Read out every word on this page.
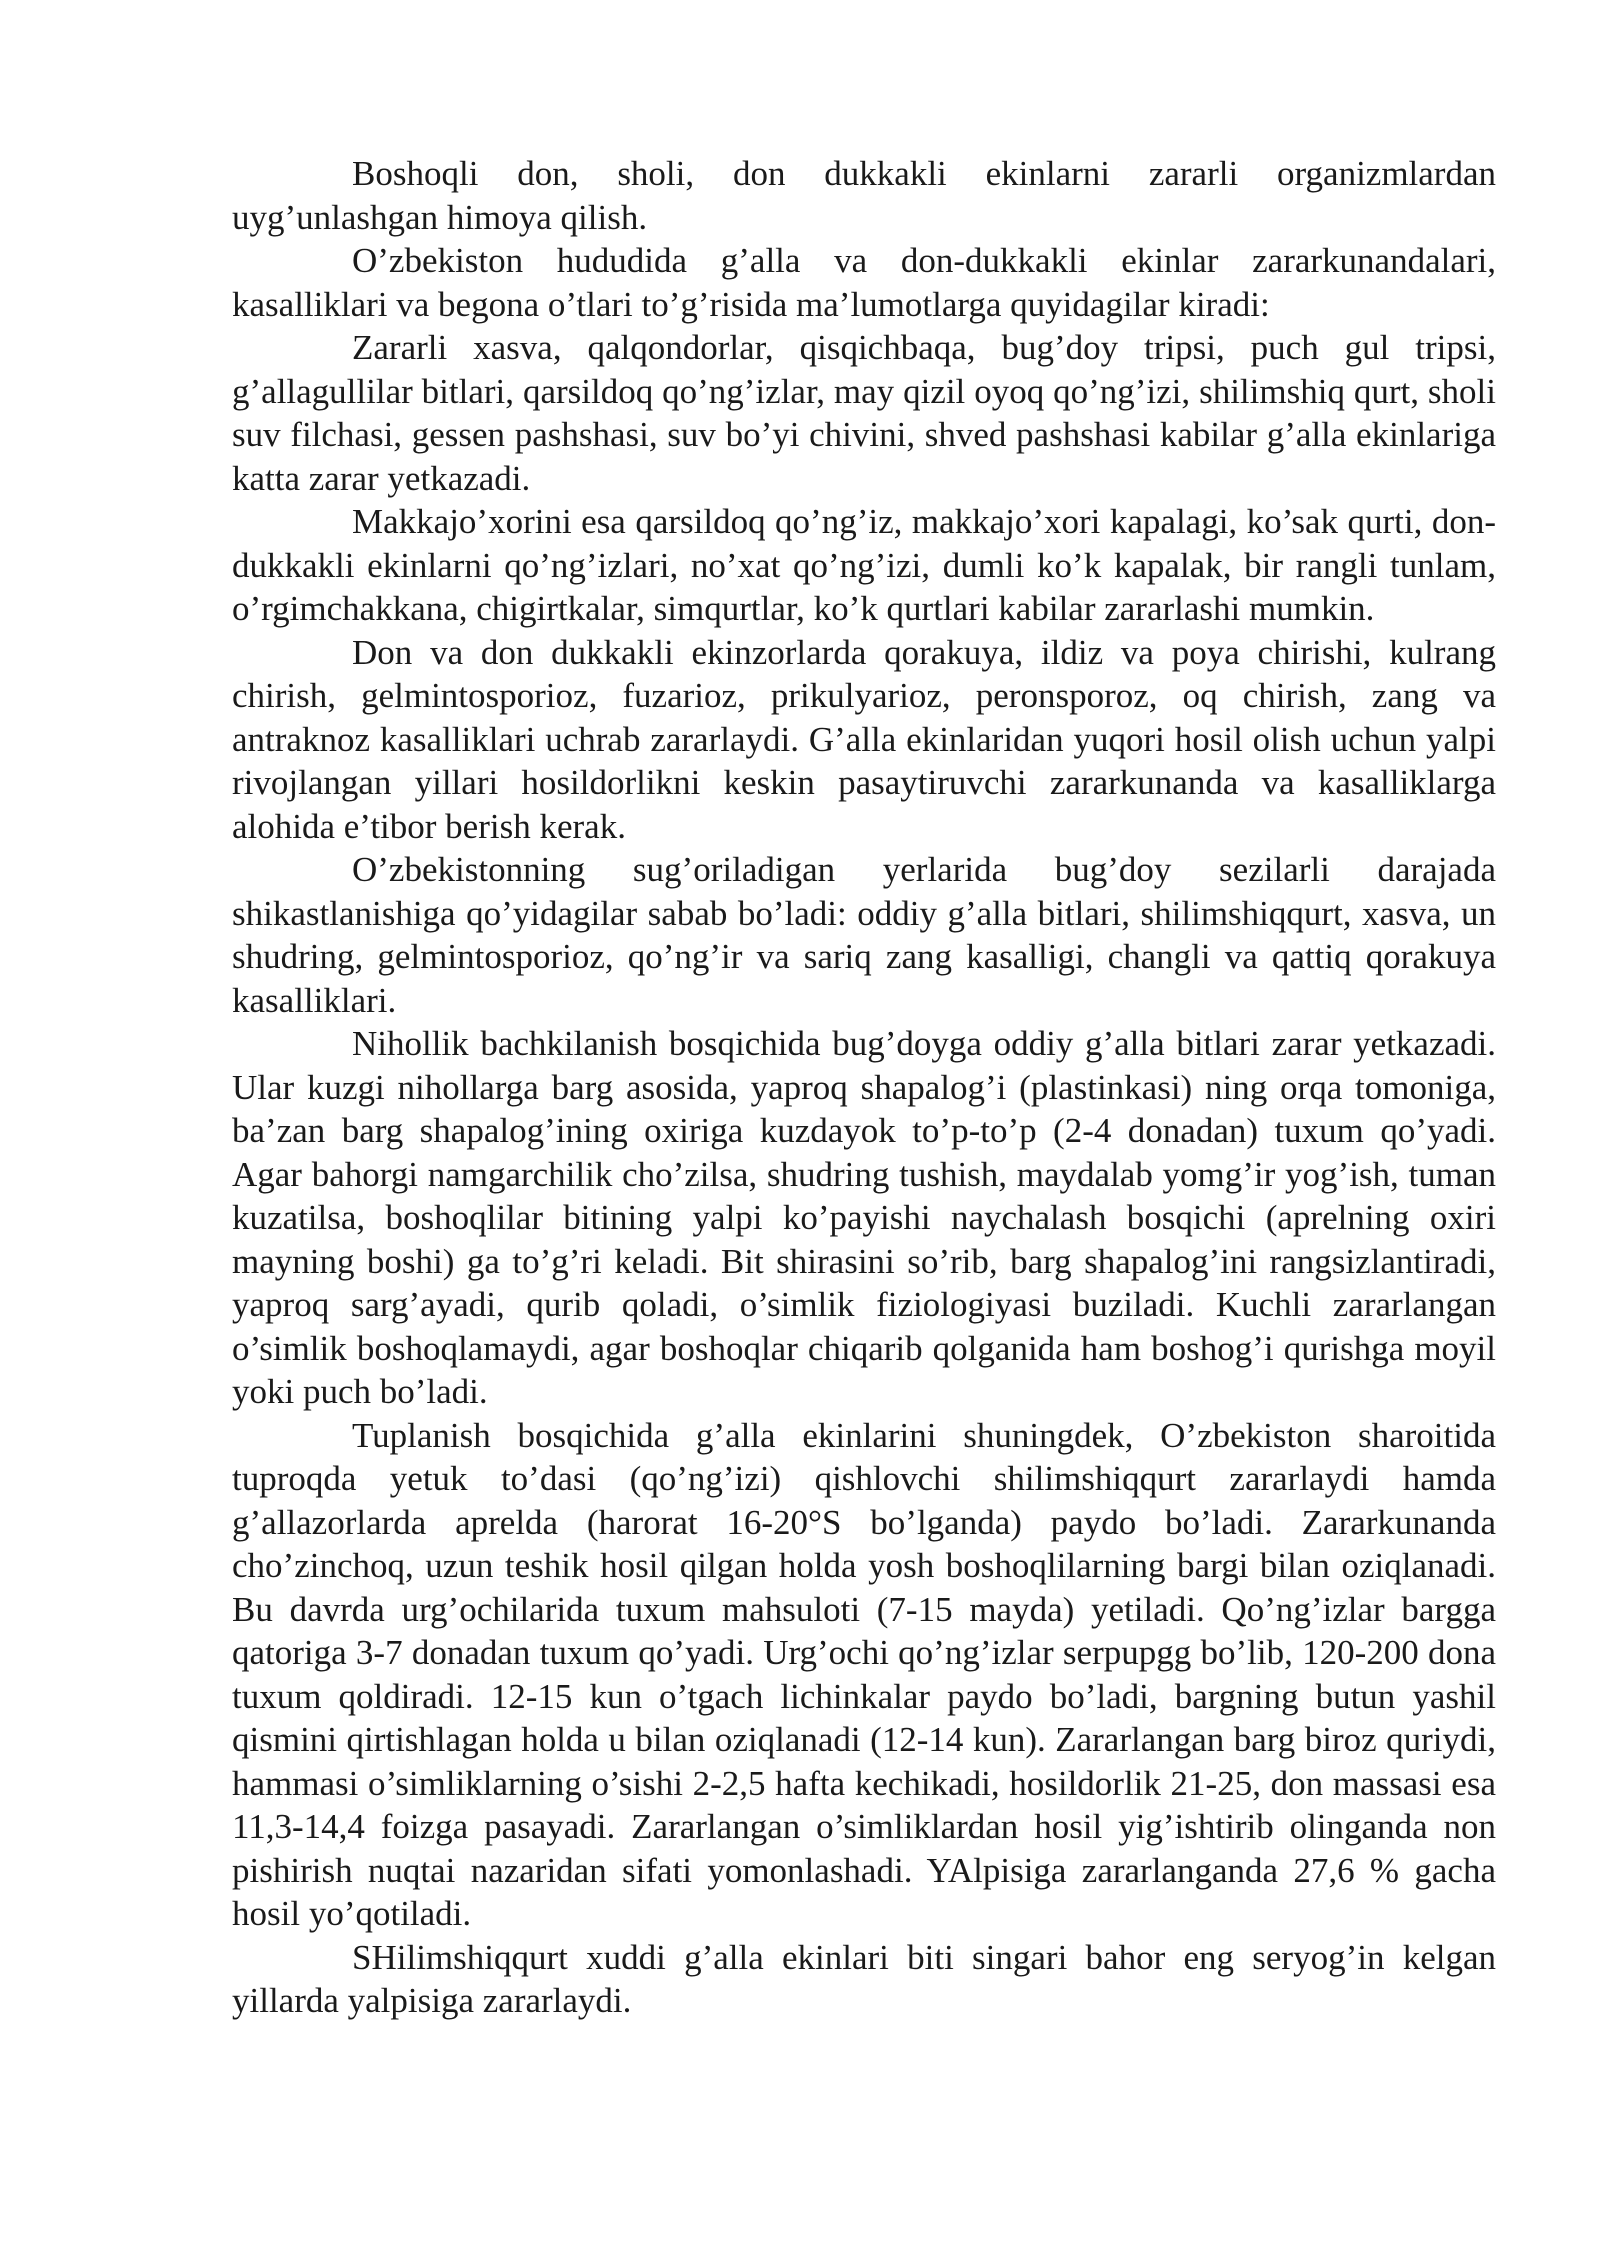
Boshoqli don, sholi, don dukkakli ekinlarni zararli organizmlardan uyg’unlashgan himoya qilish.

O’zbekiston hududida g’alla va don-dukkakli ekinlar zararkunandalari, kasalliklari va begona o’tlari to’g’risida ma’lumotlarga quyidagilar kiradi:

Zararli xasva, qalqondorlar, qisqichbaqa, bug’doy tripsi, puch gul tripsi, g’allagullilar bitlari, qarsildoq qo’ng’izlar, may qizil oyoq qo’ng’izi, shilimshiq qurt, sholi suv filchasi, gessen pashshasi, suv bo’yi chivini, shved pashshasi kabilar g’alla ekinlariga katta zarar yetkazadi.

Makkajo’xorini esa qarsildoq qo’ng’iz, makkajo’xori kapalagi, ko’sak qurti, don-dukkakli ekinlarni qo’ng’izlari, no’xat qo’ng’izi, dumli ko’k kapalak, bir rangli tunlam, o’rgimchakkana, chigirtkalar, simqurtlar, ko’k qurtlari kabilar zararlashi mumkin.

Don va don dukkakli ekinzorlarda qorakuya, ildiz va poya chirishi, kulrang chirish, gelmintosporioz, fuzarioz, prikulyarioz, peronsporoz, oq chirish, zang va antraknoz kasalliklari uchrab zararlaydi. G’alla ekinlaridan yuqori hosil olish uchun yalpi rivojlangan yillari hosildorlikni keskin pasaytiruvchi zararkunanda va kasalliklarga alohida e’tibor berish kerak.

O’zbekistonning sug’oriladigan yerlarida bug’doy sezilarli darajada shikastlanishiga qo’yidagilar sabab bo’ladi: oddiy g’alla bitlari, shilimshiqqurt, xasva, un shudring, gelmintosporioz, qo’ng’ir va sariq zang kasalligi, changli va qattiq qorakuya kasalliklari.

Nihollik bachkilanish bosqichida bug’doyga oddiy g’alla bitlari zarar yetkazadi. Ular kuzgi nihollarga barg asosida, yaproq shapalog’i (plastinkasi) ning orqa tomoniga, ba’zan barg shapalog’ining oxiriga kuzdayok to’p-to’p (2-4 donadan) tuxum qo’yadi. Agar bahorgi namgarchilik cho’zilsa, shudring tushish, maydalab yomg’ir yog’ish, tuman kuzatilsa, boshoqlilar bitining yalpi ko’payishi naychalash bosqichi (aprelning oxiri mayning boshi) ga to’g’ri keladi. Bit shirasini so’rib, barg shapalog’ini rangsizlantiradi, yaproq sarg’ayadi, qurib qoladi, o’simlik fiziologiyasi buziladi. Kuchli zararlangan o’simlik boshoqlamaydi, agar boshoqlar chiqarib qolganida ham boshog’i qurishga moyil yoki puch bo’ladi.

Tuplanish bosqichida g’alla ekinlarini shuningdek, O’zbekiston sharoitida tuproqda yetuk to’dasi (qo’ng’izi) qishlovchi shilimshiqqurt zararlaydi hamda g’allazorlarda aprelda (harorat 16-20°S bo’lganda) paydo bo’ladi. Zararkunanda cho’zinchoq, uzun teshik hosil qilgan holda yosh boshoqlilarning bargi bilan oziqlanadi. Bu davrda urg’ochilarida tuxum mahsuloti (7-15 mayda) yetiladi. Qo’ng’izlar bargga qatoriga 3-7 donadan tuxum qo’yadi. Urg’ochi qo’ng’izlar serpupgg bo’lib, 120-200 dona tuxum qoldiradi. 12-15 kun o’tgach lichinkalar paydo bo’ladi, bargning butun yashil qismini qirtishlagan holda u bilan oziqlanadi (12-14 kun). Zararlangan barg biroz quriydi, hammasi o’simliklarning o’sishi 2-2,5 hafta kechikadi, hosildorlik 21-25, don massasi esa 11,3-14,4 foizga pasayadi. Zararlangan o’simliklardan hosil yig’ishtirib olinganda non pishirish nuqtai nazaridan sifati yomonlashadi. YAlpisiga zararlanganda 27,6 % gacha hosil yo’qotiladi.

SHilimshiqqurt xuddi g’alla ekinlari biti singari bahor eng seryog’in kelgan yillarda yalpisiga zararlaydi.
